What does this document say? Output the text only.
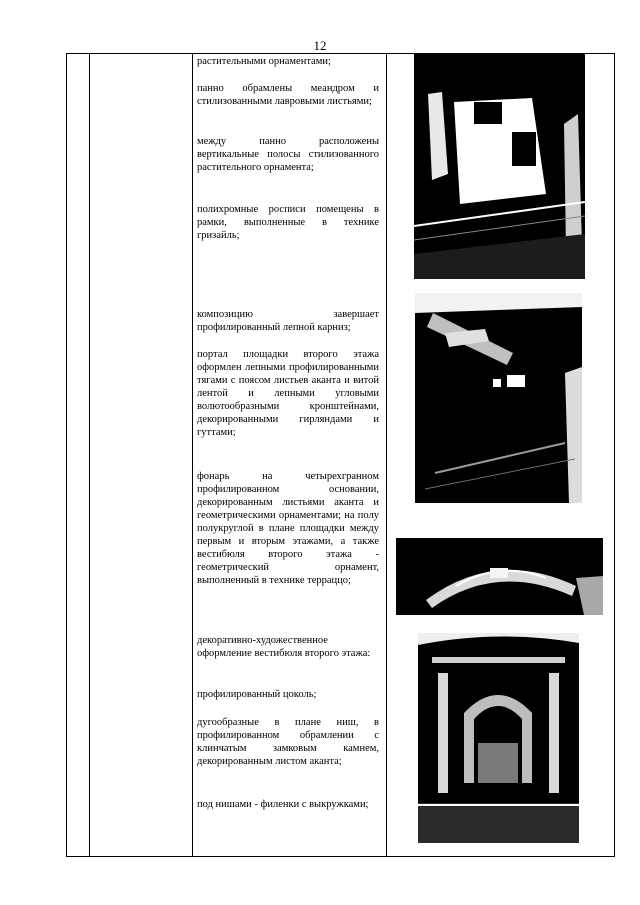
12
растительными орнаментами;
панно обрамлены меандром и стилизованными лавровыми листьями;
между панно расположены вертикальные полосы стилизованного растительного орнамента;
полихромные росписи помещены в рамки, выполненные в технике гризайль;
композицию завершает профилированный лепной карниз;
портал площадки второго этажа оформлен лепными профилированными тягами с поясом листьев аканта и витой лентой и лепными угловыми волютообразными кронштейнами, декорированными гирляндами и гуттами;
фонарь на четырехгранном профилированном основании, декорированным листьями аканта и геометрическими орнаментами; на полу полукруглой в плане площадки между первым и вторым этажами, а также вестибюля второго этажа - геометрический орнамент, выполненный в технике терраццо;
декоративно-художественное оформление вестибюля второго этажа:
профилированный цоколь;
дугообразные в плане ниш, в профилированном обрамлении с клинчатым замковым камнем, декорированным листом аканта;
под нишами - филенки с выкружками;
